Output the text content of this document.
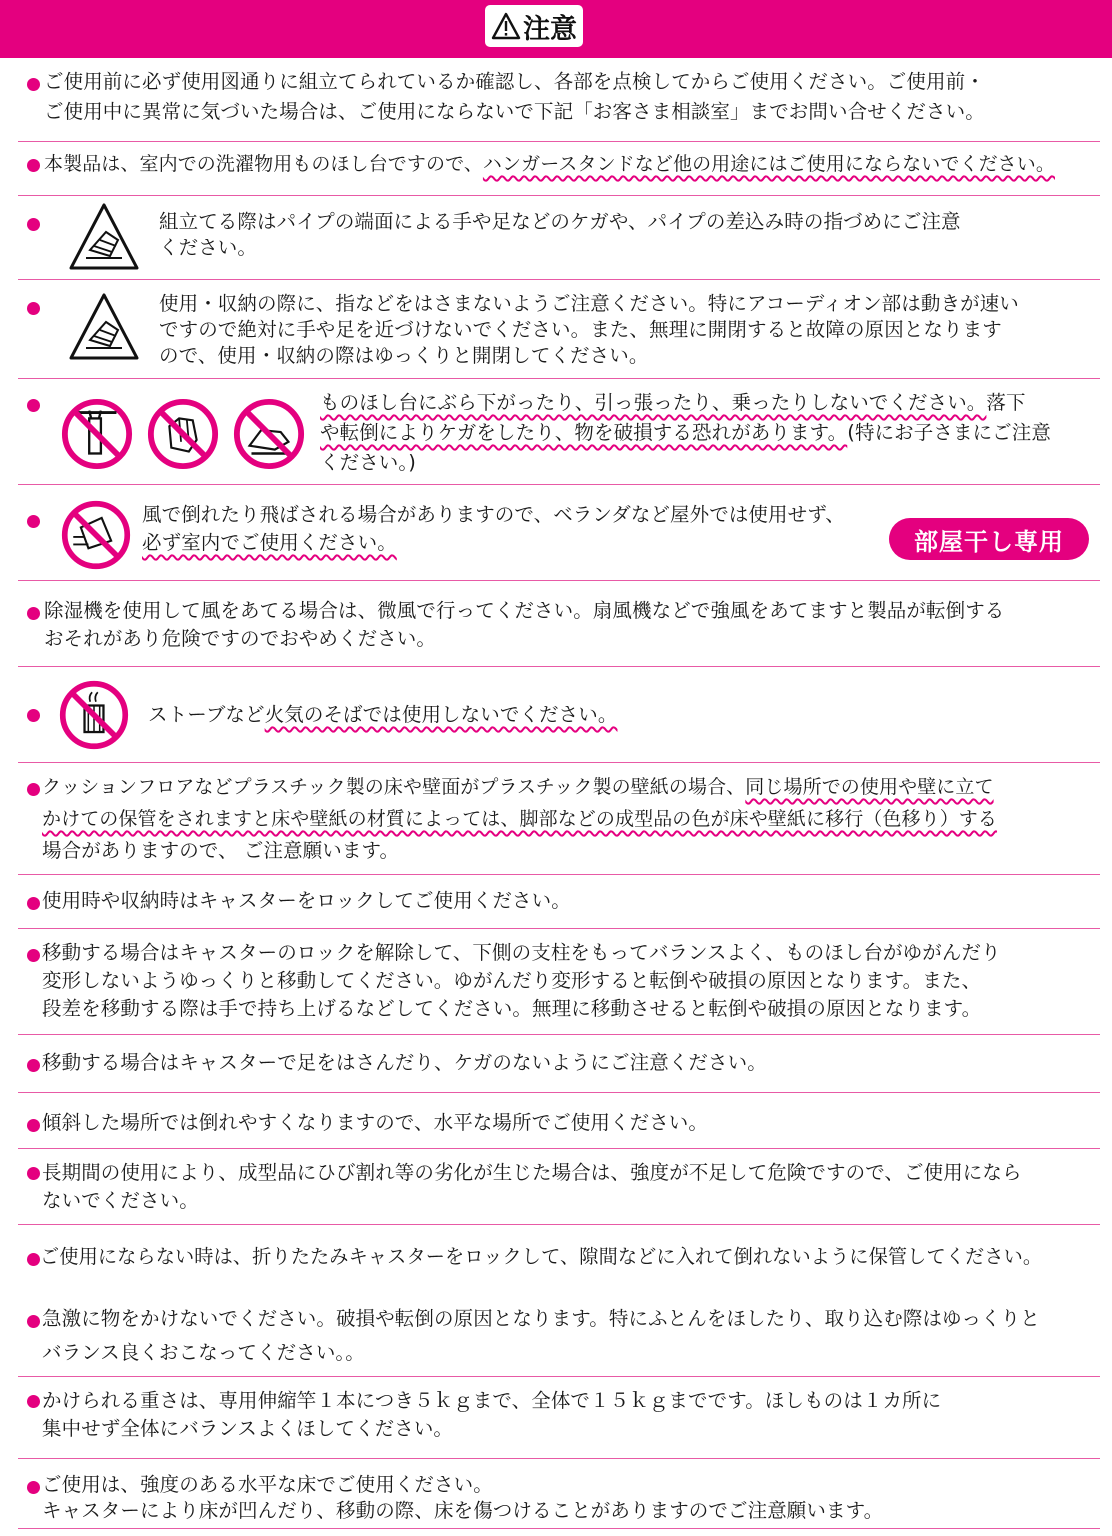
注意
ご使用前に必ず使用図通りに組立てられているか確認し、各部を点検してからご使用ください。ご使用前・
ご使用中に異常に気づいた場合は、ご使用にならないで下記「お客さま相談室」までお問い合せください。
本製品は、室内での洗濯物用ものほし台ですので、ハンガースタンドなど他の用途にはご使用にならないでください。
組立てる際はパイプの端面による手や足などのケガや、パイプの差込み時の指づめにご注意
ください。
使用・収納の際に、指などをはさまないようご注意ください。特にアコーディオン部は動きが速い
ですので絶対に手や足を近づけないでください。また、無理に開閉すると故障の原因となります
ので、使用・収納の際はゆっくりと開閉してください。
ものほし台にぶら下がったり、引っ張ったり、乗ったりしないでください。落下
や転倒によりケガをしたり、物を破損する恐れがあります。(特にお子さまにご注意
ください。)
風で倒れたり飛ばされる場合がありますので、ベランダなど屋外では使用せず、
必ず室内でご使用ください。	部屋干し専用
除湿機を使用して風をあてる場合は、微風で行ってください。扇風機などで強風をあてますと製品が転倒する
おそれがあり危険ですのでおやめください。
ストーブなど火気のそばでは使用しないでください。
クッションフロアなどプラスチック製の床や壁面がプラスチック製の壁紙の場合、同じ場所での使用や壁に立て
かけての保管をされますと床や壁紙の材質によっては、脚部などの成型品の色が床や壁紙に移行（色移り）する
場合がありますので、 ご注意願います。
使用時や収納時はキャスターをロックしてご使用ください。
移動する場合はキャスターのロックを解除して、下側の支柱をもってバランスよく、ものほし台がゆがんだり
変形しないようゆっくりと移動してください。ゆがんだり変形すると転倒や破損の原因となります。また、
段差を移動する際は手で持ち上げるなどしてください。無理に移動させると転倒や破損の原因となります。
移動する場合はキャスターで足をはさんだり、ケガのないようにご注意ください。
傾斜した場所では倒れやすくなりますので、水平な場所でご使用ください。
長期間の使用により、成型品にひび割れ等の劣化が生じた場合は、強度が不足して危険ですので、ご使用になら
ないでください。
ご使用にならない時は、折りたたみキャスターをロックして、隙間などに入れて倒れないように保管してください。
急激に物をかけないでください。破損や転倒の原因となります。特にふとんをほしたり、取り込む際はゆっくりと
バランス良くおこなってください。。
かけられる重さは、専用伸縮竿１本につき５ｋｇまで、全体で１５ｋｇまでです。ほしものは１カ所に
集中せず全体にバランスよくほしてください。
ご使用は、強度のある水平な床でご使用ください。
キャスターにより床が凹んだり、移動の際、床を傷つけることがありますのでご注意願います。
